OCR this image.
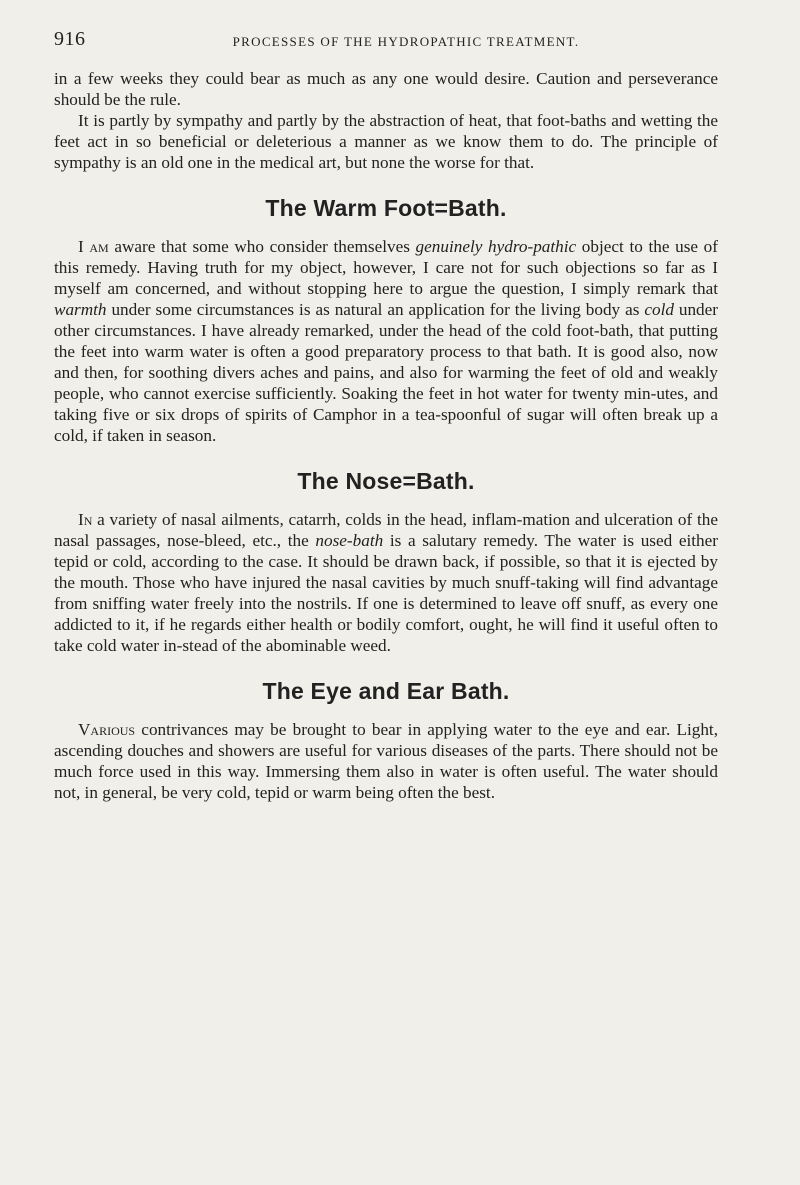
916	PROCESSES OF THE HYDROPATHIC TREATMENT.

in a few weeks they could bear as much as any one would desire. Caution and perseverance should be the rule.

It is partly by sympathy and partly by the abstraction of heat, that foot-baths and wetting the feet act in so beneficial or deleterious a manner as we know them to do. The principle of sympathy is an old one in the medical art, but none the worse for that.

The Warm Foot=Bath.

I am aware that some who consider themselves genuinely hydro-pathic object to the use of this remedy. Having truth for my object, however, I care not for such objections so far as I myself am concerned, and without stopping here to argue the question, I simply remark that warmth under some circumstances is as natural an application for the living body as cold under other circumstances. I have already remarked, under the head of the cold foot-bath, that putting the feet into warm water is often a good preparatory process to that bath. It is good also, now and then, for soothing divers aches and pains, and also for warming the feet of old and weakly people, who cannot exercise sufficiently. Soaking the feet in hot water for twenty min-utes, and taking five or six drops of spirits of Camphor in a tea-spoonful of sugar will often break up a cold, if taken in season.

The Nose=Bath.

In a variety of nasal ailments, catarrh, colds in the head, inflam-mation and ulceration of the nasal passages, nose-bleed, etc., the nose-bath is a salutary remedy. The water is used either tepid or cold, according to the case. It should be drawn back, if possible, so that it is ejected by the mouth. Those who have injured the nasal cavities by much snuff-taking will find advantage from sniffing water freely into the nostrils. If one is determined to leave off snuff, as every one addicted to it, if he regards either health or bodily comfort, ought, he will find it useful often to take cold water in-stead of the abominable weed.

The Eye and Ear Bath.

Various contrivances may be brought to bear in applying water to the eye and ear. Light, ascending douches and showers are useful for various diseases of the parts. There should not be much force used in this way. Immersing them also in water is often useful. The water should not, in general, be very cold, tepid or warm being often the best.
